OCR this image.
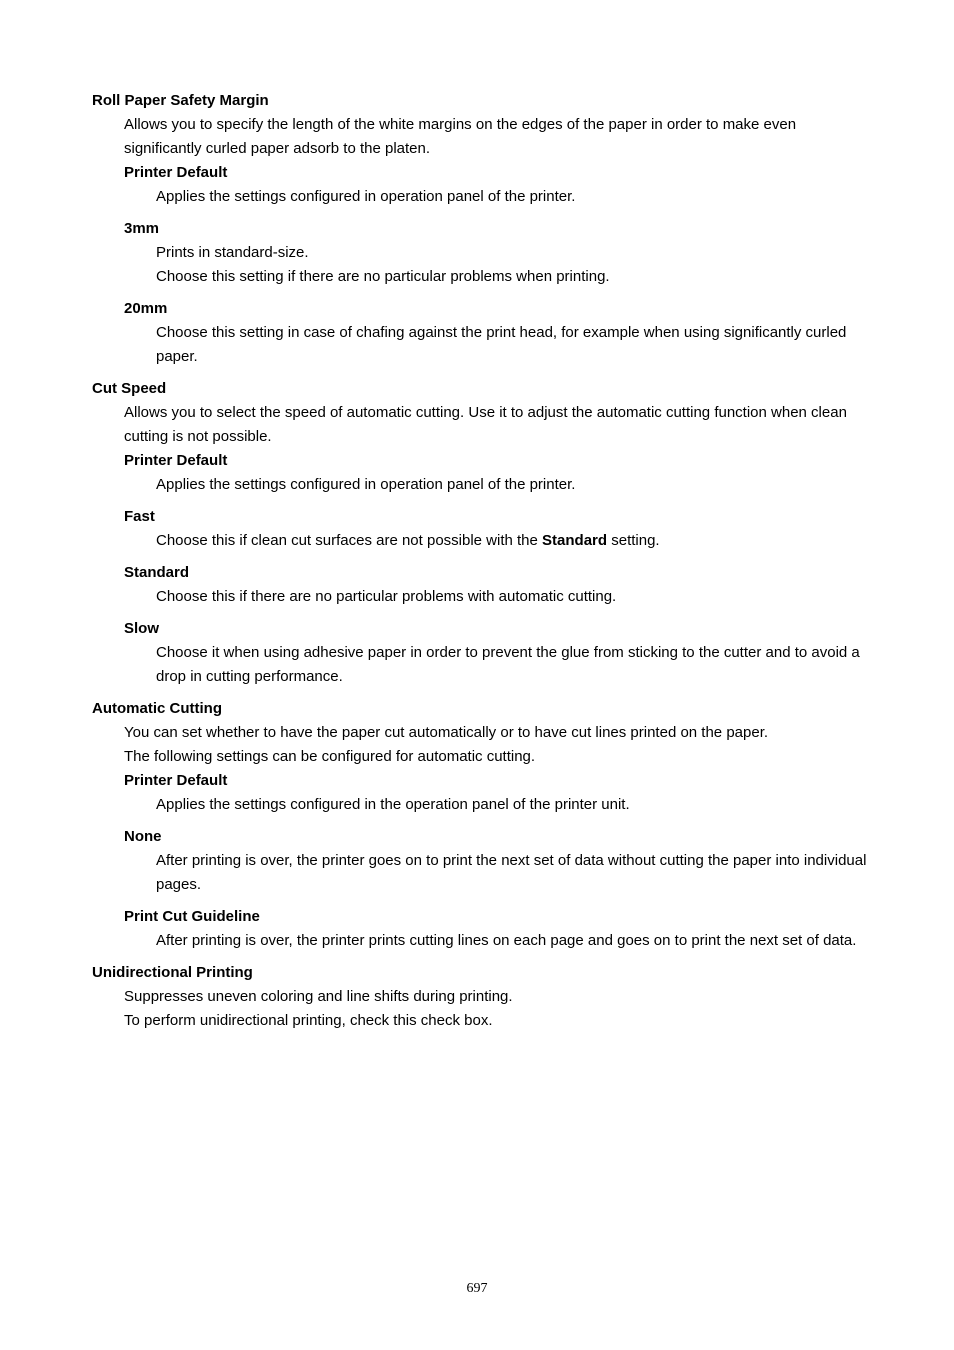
Roll Paper Safety Margin

Allows you to specify the length of the white margins on the edges of the paper in order to make even significantly curled paper adsorb to the platen.

Printer Default

Applies the settings configured in operation panel of the printer.

3mm

Prints in standard-size.

Choose this setting if there are no particular problems when printing.

20mm

Choose this setting in case of chafing against the print head, for example when using significantly curled paper.

Cut Speed

Allows you to select the speed of automatic cutting. Use it to adjust the automatic cutting function when clean cutting is not possible.

Printer Default

Applies the settings configured in operation panel of the printer.

Fast

Choose this if clean cut surfaces are not possible with the Standard setting.

Standard

Choose this if there are no particular problems with automatic cutting.

Slow

Choose it when using adhesive paper in order to prevent the glue from sticking to the cutter and to avoid a drop in cutting performance.

Automatic Cutting

You can set whether to have the paper cut automatically or to have cut lines printed on the paper.

The following settings can be configured for automatic cutting.

Printer Default

Applies the settings configured in the operation panel of the printer unit.

None

After printing is over, the printer goes on to print the next set of data without cutting the paper into individual pages.

Print Cut Guideline

After printing is over, the printer prints cutting lines on each page and goes on to print the next set of data.

Unidirectional Printing

Suppresses uneven coloring and line shifts during printing.

To perform unidirectional printing, check this check box.

697
